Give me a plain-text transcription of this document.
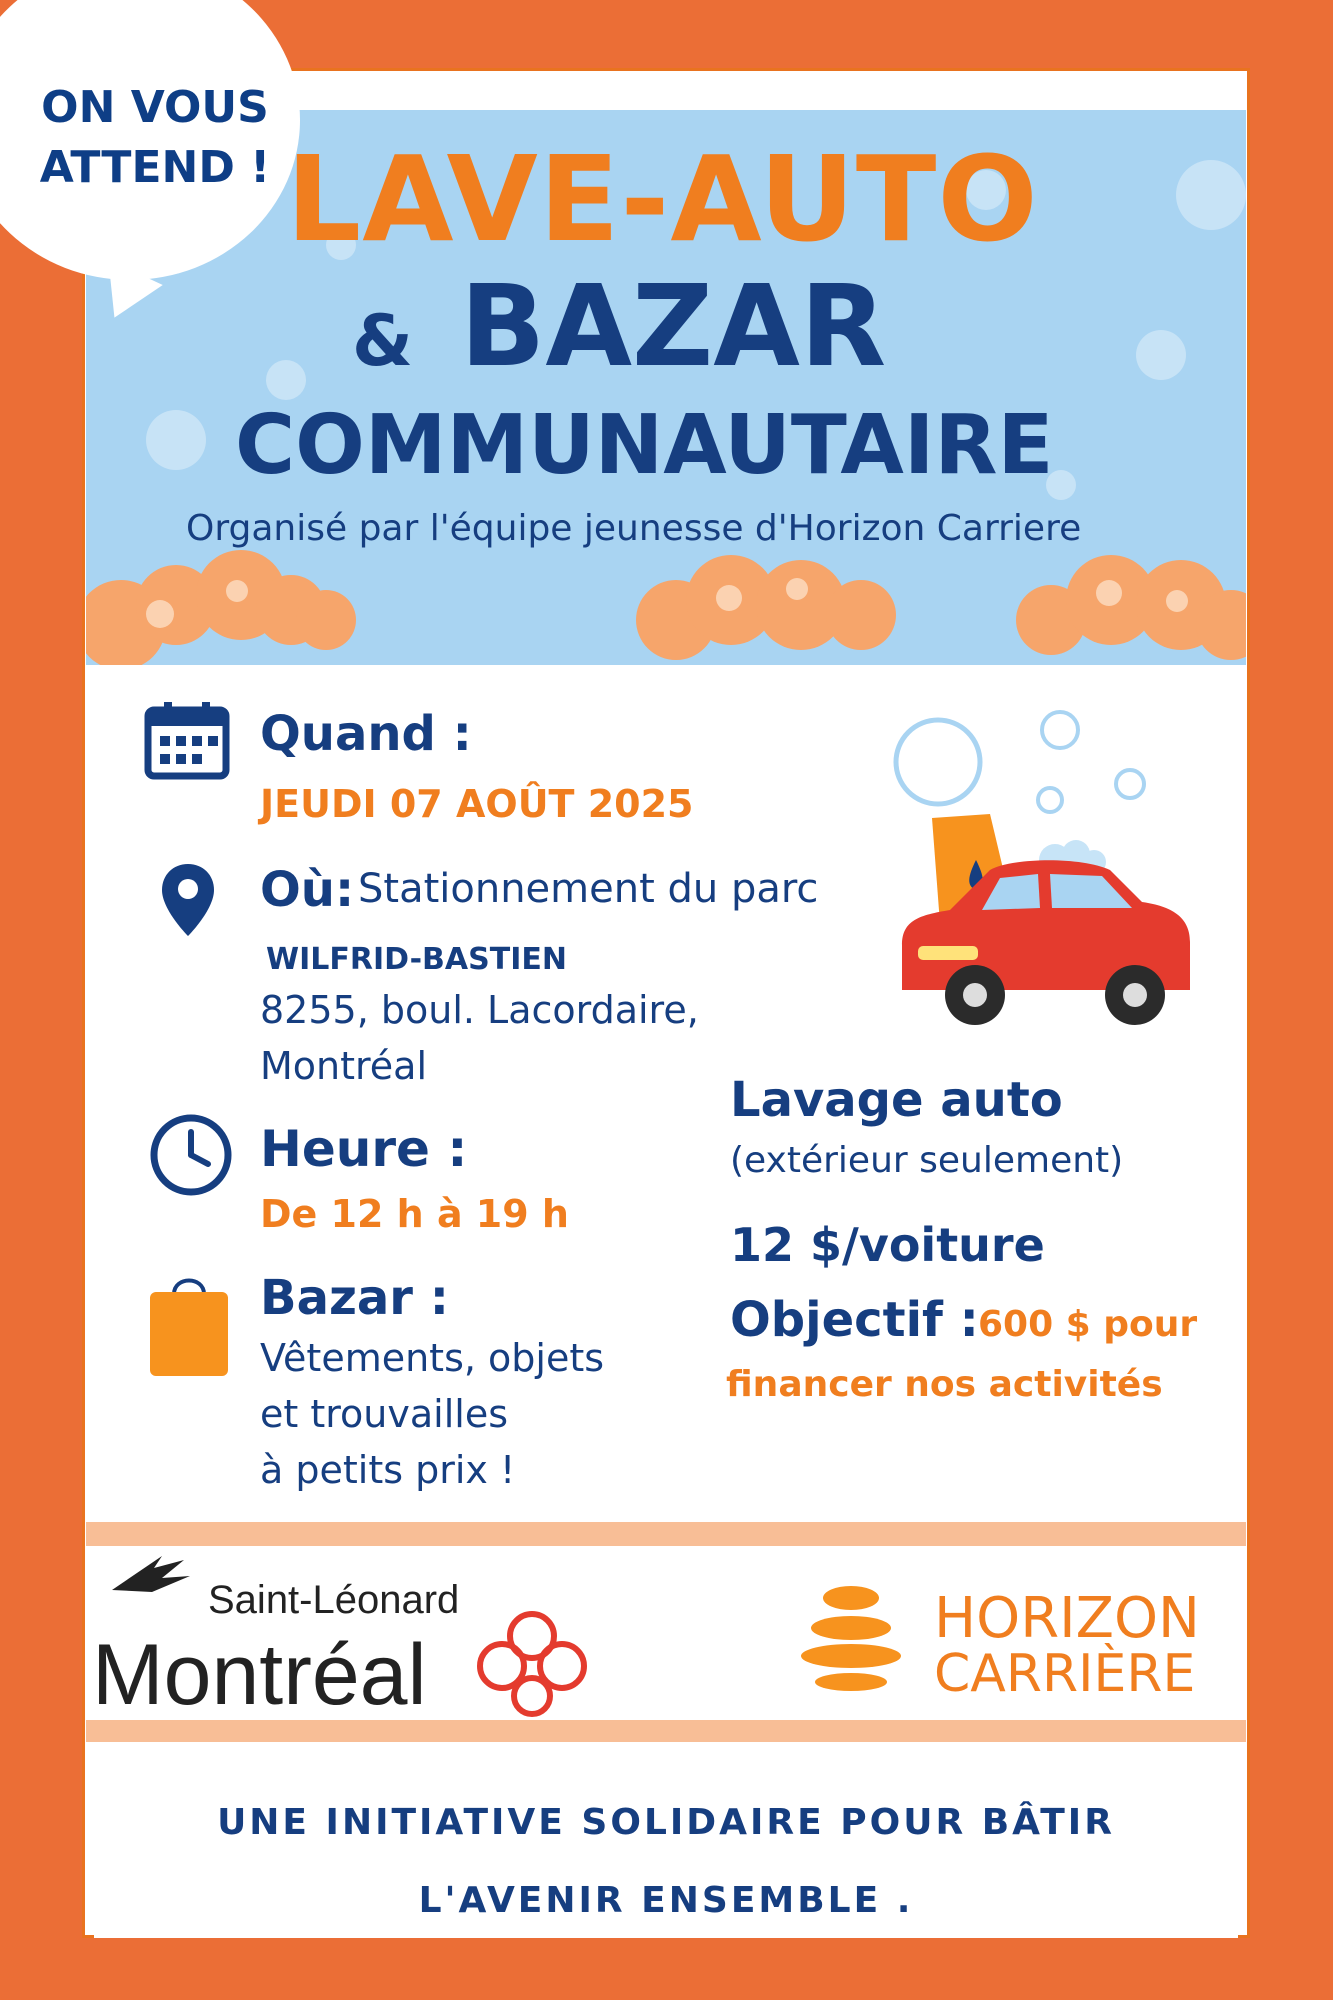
ON VOUS
ATTEND ! LAVE-AUTO
& BAZAR
COMMUNAUTAIRE
Organisé par l'équipe jeunesse d'Horizon Carriere
Quand :
JEUDI 07 AOÛT 2025
Où: Stationnement du parc
WILFRID-BASTIEN
8255, boul. Lacordaire,
Montréal
Heure :
De 12 h à 19 h
Bazar :
Vêtements, objets
et trouvailles
à petits prix !
Lavage auto
(extérieur seulement)
12 $/voiture
Objectif : 600 $ pour
financer nos activités
Saint-Léonard
Montréal
HORIZON
CARRIÈRE
UNE INITIATIVE SOLIDAIRE POUR BÂTIR
L'AVENIR ENSEMBLE .
